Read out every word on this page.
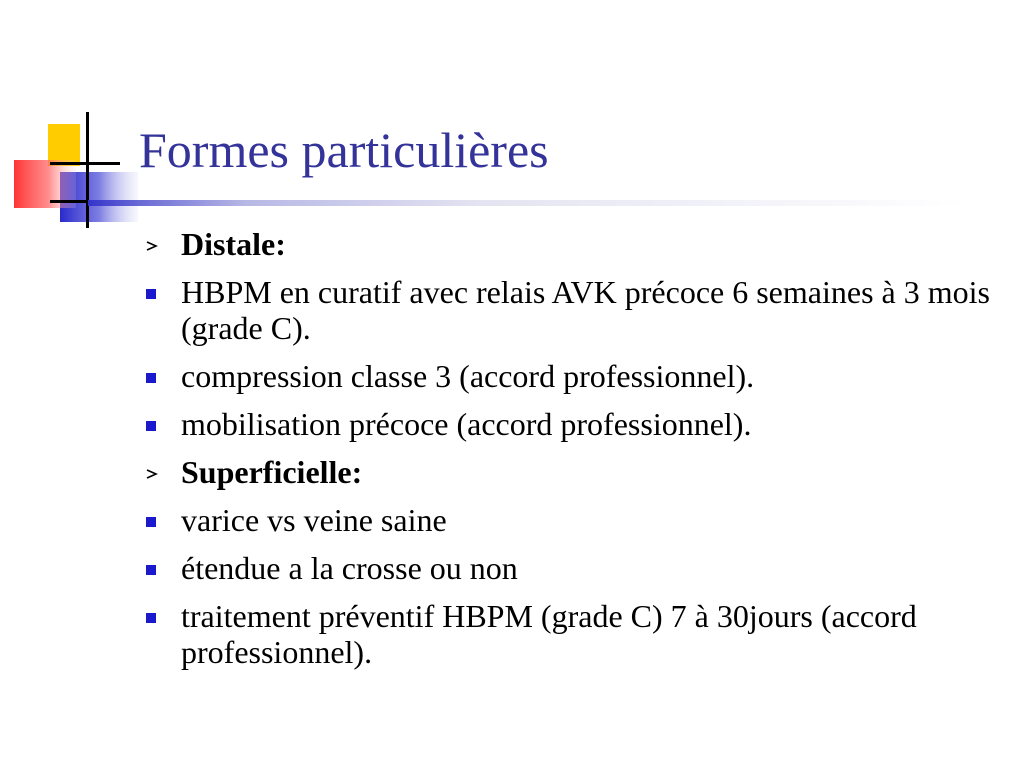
Formes particulières
Distale:
HBPM en curatif avec relais AVK précoce 6 semaines à 3 mois (grade C).
compression classe 3 (accord professionnel).
mobilisation précoce (accord professionnel).
Superficielle:
varice vs veine saine
étendue a la crosse ou non
traitement préventif HBPM (grade C) 7 à 30jours (accord professionnel).
